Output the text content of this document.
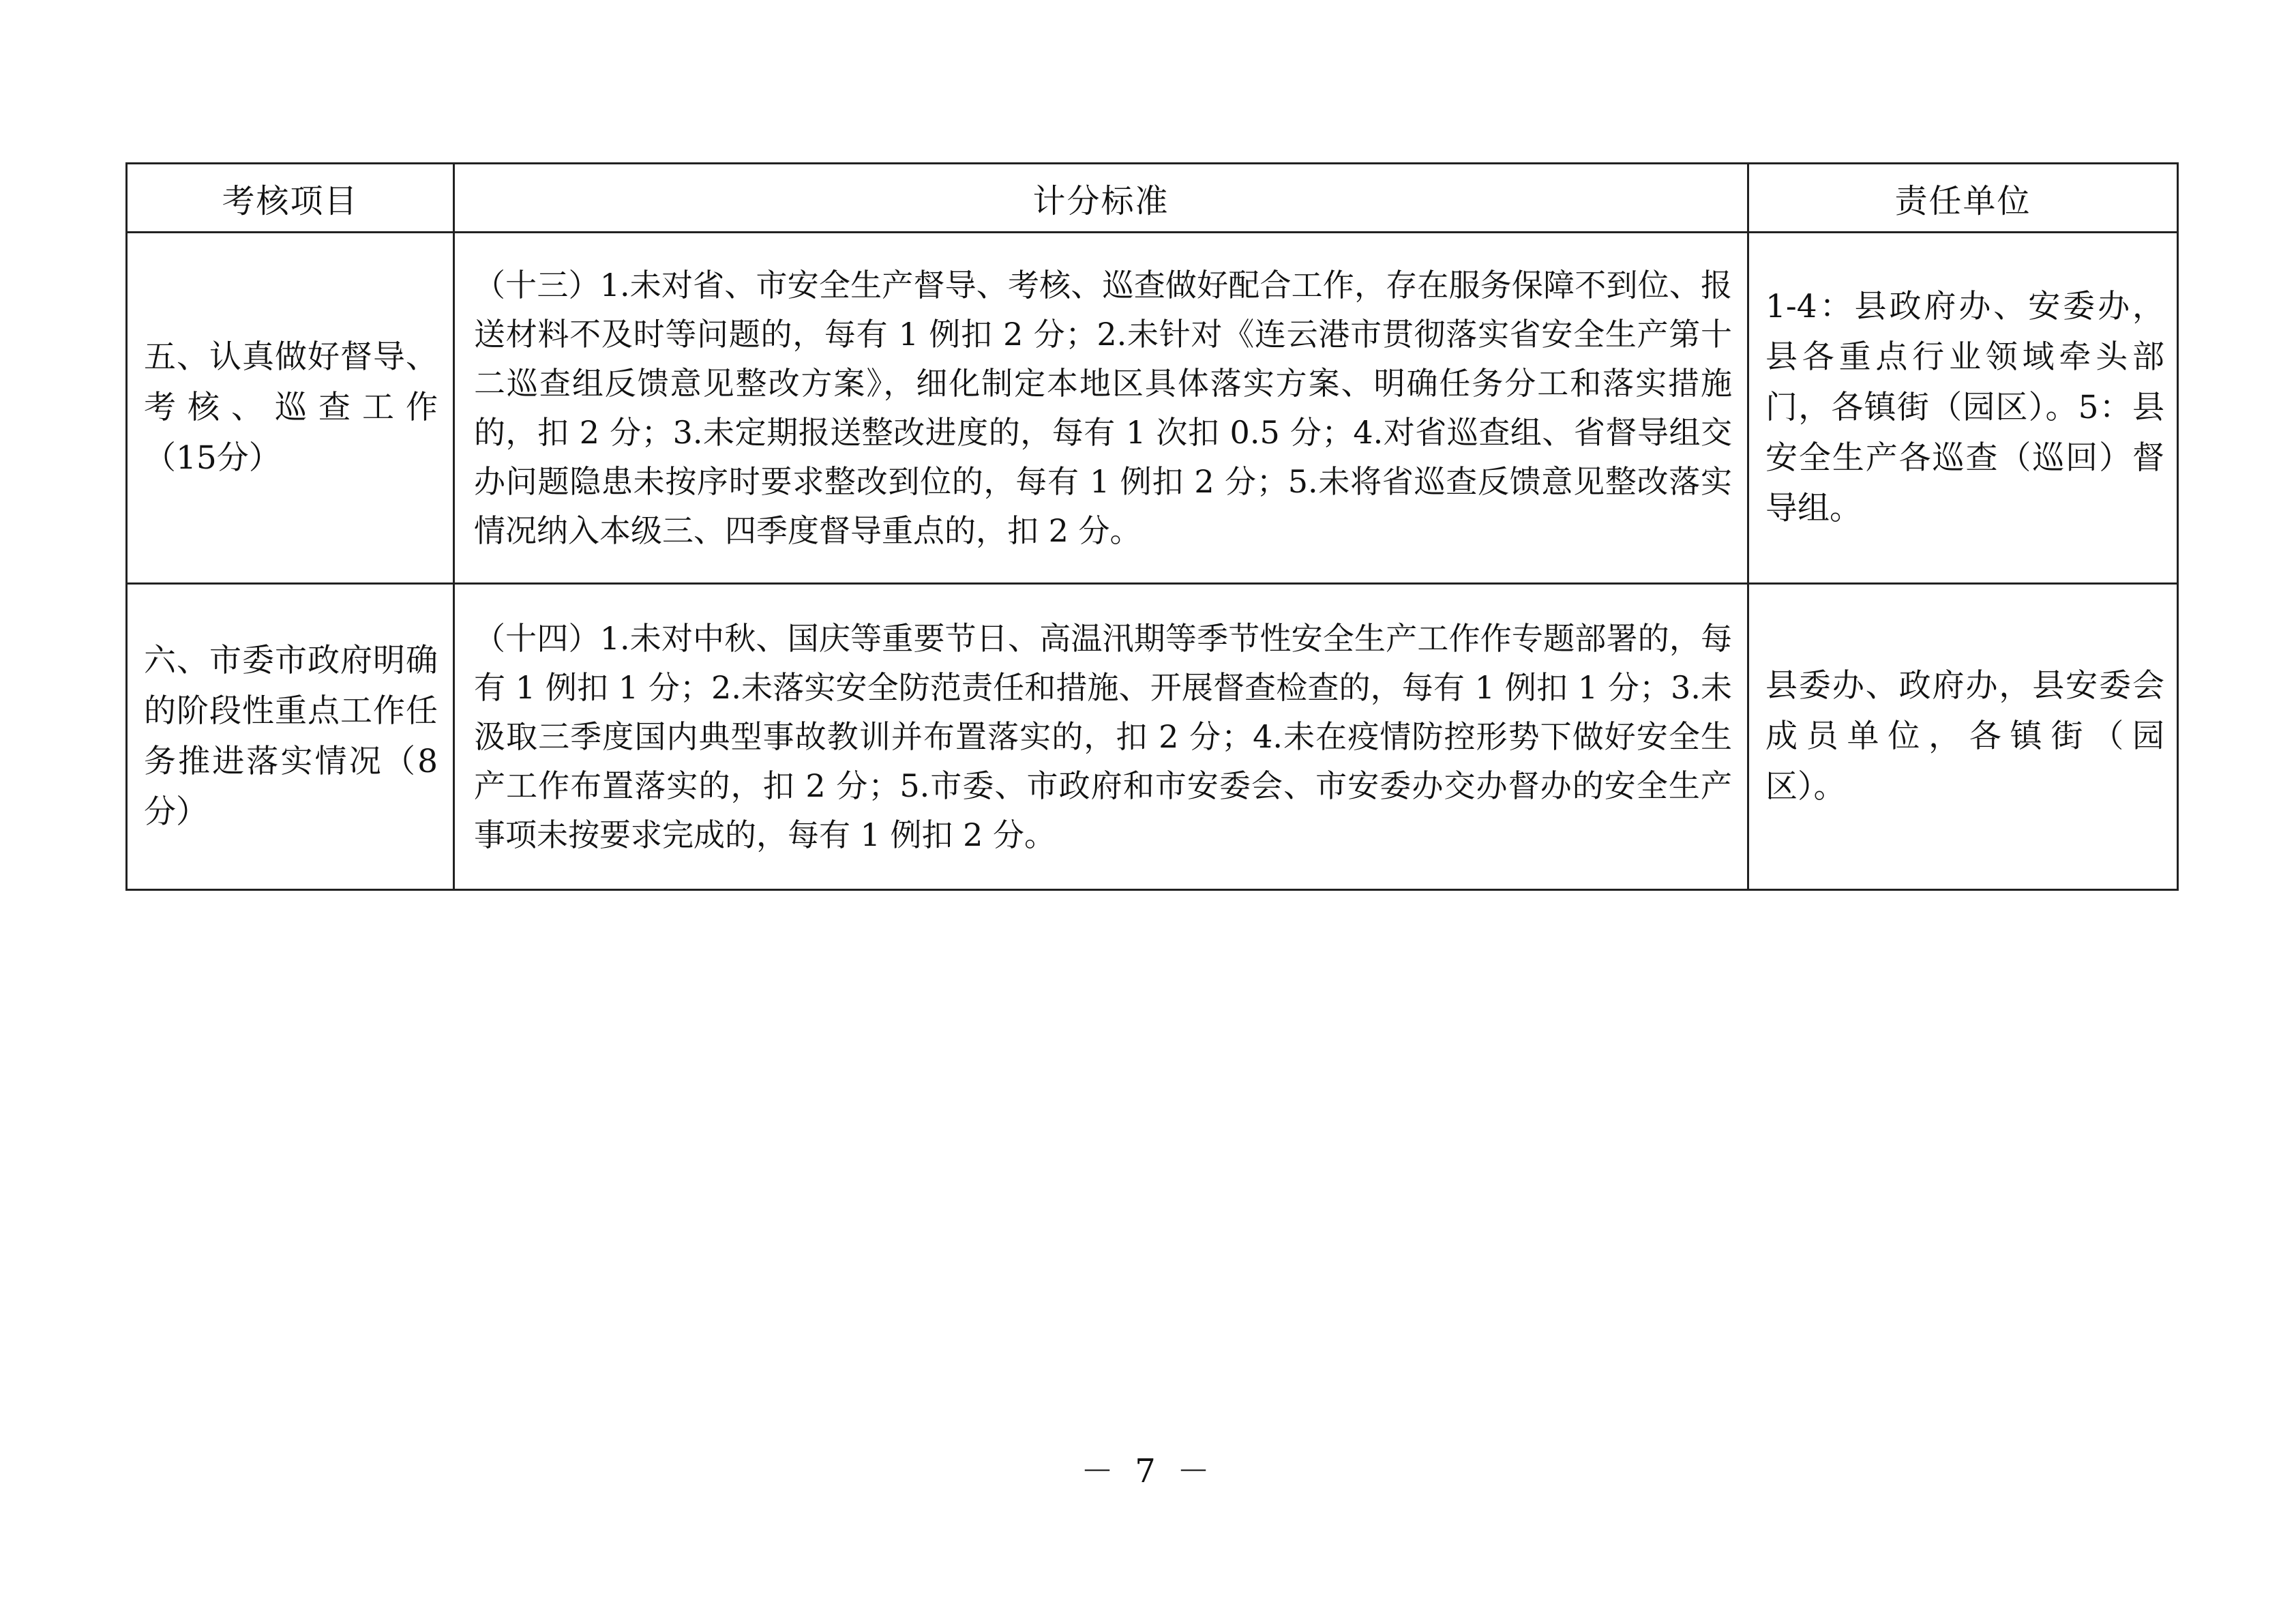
考核项目	计分标准	责任单位
五、认真做好督导、考核、巡查工作（15分）	（十三）1.未对省、市安全生产督导、考核、巡查做好配合工作，存在服务保障不到位、报送材料不及时等问题的，每有 1 例扣 2 分；2.未针对《连云港市贯彻落实省安全生产第十二巡查组反馈意见整改方案》，细化制定本地区具体落实方案、明确任务分工和落实措施的，扣 2 分；3.未定期报送整改进度的，每有 1 次扣 0.5 分；4.对省巡查组、省督导组交办问题隐患未按序时要求整改到位的，每有 1 例扣 2 分；5.未将省巡查反馈意见整改落实情况纳入本级三、四季度督导重点的，扣 2 分。	1-4：县政府办、安委办，县各重点行业领域牵头部门，各镇街（园区）。5：县安全生产各巡查（巡回）督导组。
六、市委市政府明确的阶段性重点工作任务推进落实情况（8分）	（十四）1.未对中秋、国庆等重要节日、高温汛期等季节性安全生产工作作专题部署的，每有 1 例扣 1 分；2.未落实安全防范责任和措施、开展督查检查的，每有 1 例扣 1 分；3.未汲取三季度国内典型事故教训并布置落实的，扣 2 分；4.未在疫情防控形势下做好安全生产工作布置落实的，扣 2 分；5.市委、市政府和市安委会、市安委办交办督办的安全生产事项未按要求完成的，每有 1 例扣 2 分。	县委办、政府办，县安委会成员单位，各镇街（园区）。
－ 7 －
